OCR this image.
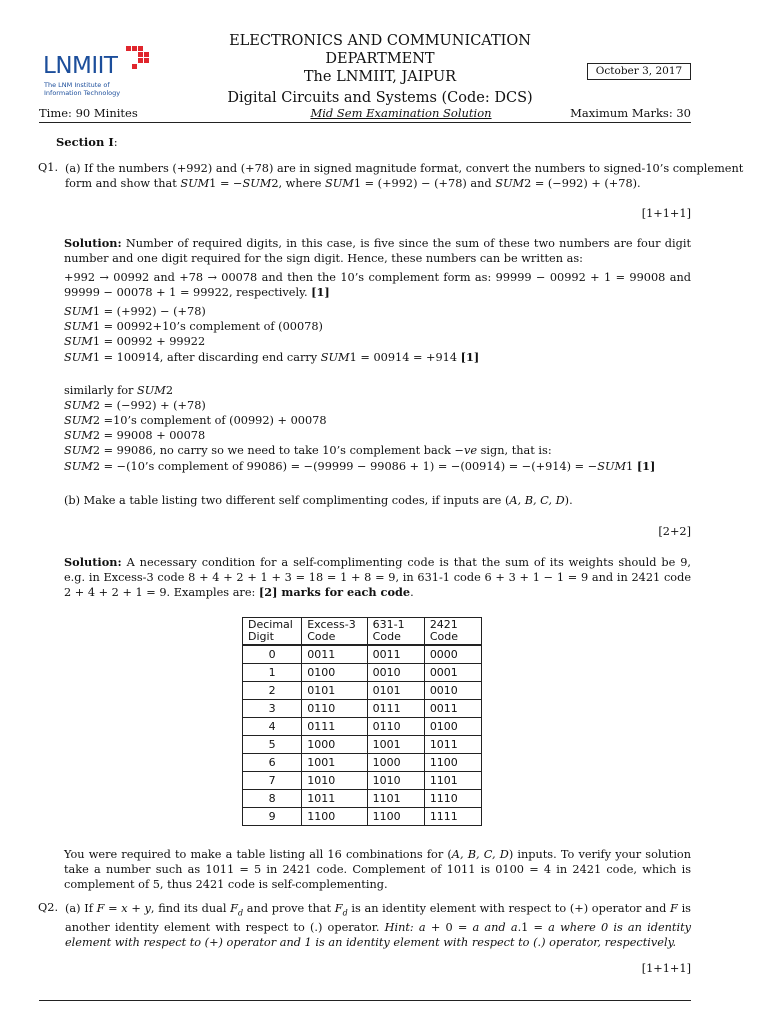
LNMIIT
The LNM Institute of
Information Technology
ELECTRONICS AND COMMUNICATION
DEPARTMENT
The LNMIIT, JAIPUR
Digital Circuits and Systems (Code: DCS)
October 3, 2017
Time: 90 Minites	Mid Sem Examination Solution	Maximum Marks: 30
Section I:
Q1. (a) If the numbers (+992) and (+78) are in signed magnitude format, convert the numbers to signed-10’s complement
form and show that SUM1 = −SUM2, where SUM1 = (+992) − (+78) and SUM2 = (−992) + (+78).
[1+1+1]
Solution: Number of required digits, in this case, is five since the sum of these two numbers are four digit number and one digit required for the sign digit. Hence, these numbers can be written as:
+992 → 00992 and +78 → 00078 and then the 10’s complement form as: 99999 − 00992 + 1 = 99008 and 99999 − 00078 + 1 = 99922, respectively. [1]
SUM1 = (+992) − (+78)
SUM1 = 00992+10’s complement of (00078)
SUM1 = 00992 + 99922
SUM1 = 100914, after discarding end carry SUM1 = 00914 = +914 [1]
similarly for SUM2
SUM2 = (−992) + (+78)
SUM2 =10’s complement of (00992) + 00078
SUM2 = 99008 + 00078
SUM2 = 99086, no carry so we need to take 10’s complement back −ve sign, that is:
SUM2 = −(10’s complement of 99086) = −(99999 − 99086 + 1) = −(00914) = −(+914) = −SUM1 [1]
(b) Make a table listing two different self complimenting codes, if inputs are (A, B, C, D).
[2+2]
Solution: A necessary condition for a self-complimenting code is that the sum of its weights should be 9, e.g. in Excess-3 code 8 + 4 + 2 + 1 + 3 = 18 = 1 + 8 = 9, in 631-1 code 6 + 3 + 1 − 1 = 9 and in 2421 code 2 + 4 + 2 + 1 = 9. Examples are: [2] marks for each code.
Decimal Digit	Excess-3 Code	631-1 Code	2421 Code
0	0011	0011	0000
1	0100	0010	0001
2	0101	0101	0010
3	0110	0111	0011
4	0111	0110	0100
5	1000	1001	1011
6	1001	1000	1100
7	1010	1010	1101
8	1011	1101	1110
9	1100	1100	1111
You were required to make a table listing all 16 combinations for (A, B, C, D) inputs. To verify your solution take a number such as 1011 = 5 in 2421 code. Complement of 1011 is 0100 = 4 in 2421 code, which is complement of 5, thus 2421 code is self-complementing.
Q2. (a) If F = x + y, find its dual $F_d$ and prove that $F_d$ is an identity element with respect to (+) operator and F is another identity element with respect to (.) operator. Hint: a + 0 = a and a.1 = a where 0 is an identity element with respect to (+) operator and 1 is an identity element with respect to (.) operator, respectively.
[1+1+1]
